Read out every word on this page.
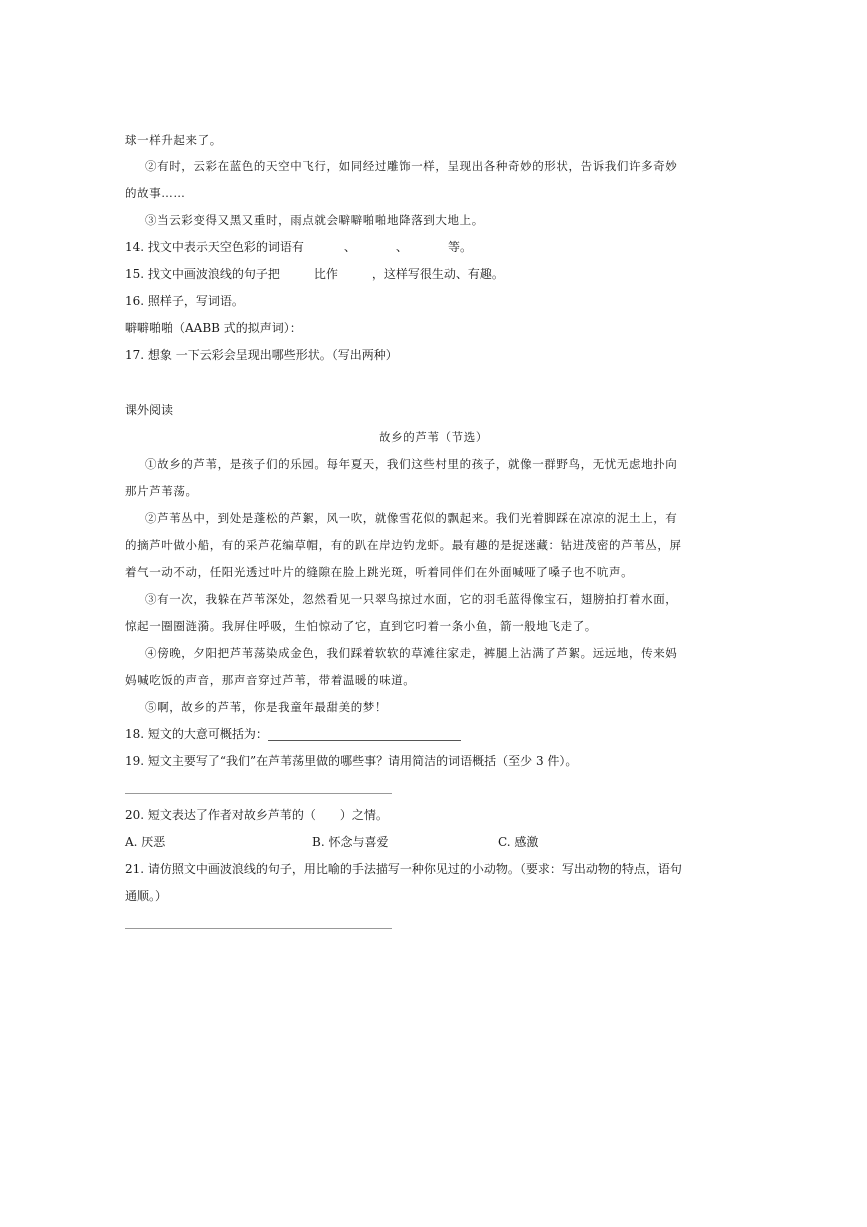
球一样升起来了。
②有时，云彩在蓝色的天空中飞行，如同经过雕饰一样，呈现出各种奇妙的形状，告诉我们许多奇妙
的故事……
③当云彩变得又黑又重时，雨点就会噼噼啪啪地降落到大地上。
14. 找文中表示天空色彩的词语有	、	、	等。
15. 找文中画波浪线的句子把	比作	，这样写很生动、有趣。
16. 照样子，写词语。
噼噼啪啪（AABB 式的拟声词）：
17. 想象 一下云彩会呈现出哪些形状。（写出两种）
课外阅读
故乡的芦苇（节选）
①故乡的芦苇，是孩子们的乐园。每年夏天，我们这些村里的孩子，就像一群野鸟，无忧无虑地扑向
那片芦苇荡。
②芦苇丛中，到处是蓬松的芦絮，风一吹，就像雪花似的飘起来。我们光着脚踩在凉凉的泥土上，有
的摘芦叶做小船，有的采芦花编草帽，有的趴在岸边钓龙虾。最有趣的是捉迷藏：钻进茂密的芦苇丛，屏
着气一动不动，任阳光透过叶片的缝隙在脸上跳光斑，听着同伴们在外面喊哑了嗓子也不吭声。
③有一次，我躲在芦苇深处，忽然看见一只翠鸟掠过水面，它的羽毛蓝得像宝石，翅膀拍打着水面，
惊起一圈圈涟漪。我屏住呼吸，生怕惊动了它，直到它叼着一条小鱼，箭一般地飞走了。
④傍晚，夕阳把芦苇荡染成金色，我们踩着软软的草滩往家走，裤腿上沾满了芦絮。远远地，传来妈
妈喊吃饭的声音，那声音穿过芦苇，带着温暖的味道。
⑤啊，故乡的芦苇，你是我童年最甜美的梦！
18. 短文的大意可概括为：
19. 短文主要写了“我们”在芦苇荡里做的哪些事？请用简洁的词语概括（至少 3 件）。
20. 短文表达了作者对故乡芦苇的（　　）之情。
A. 厌恶	B. 怀念与喜爱	C. 感激
21. 请仿照文中画波浪线的句子，用比喻的手法描写一种你见过的小动物。（要求：写出动物的特点，语句
通顺。）
